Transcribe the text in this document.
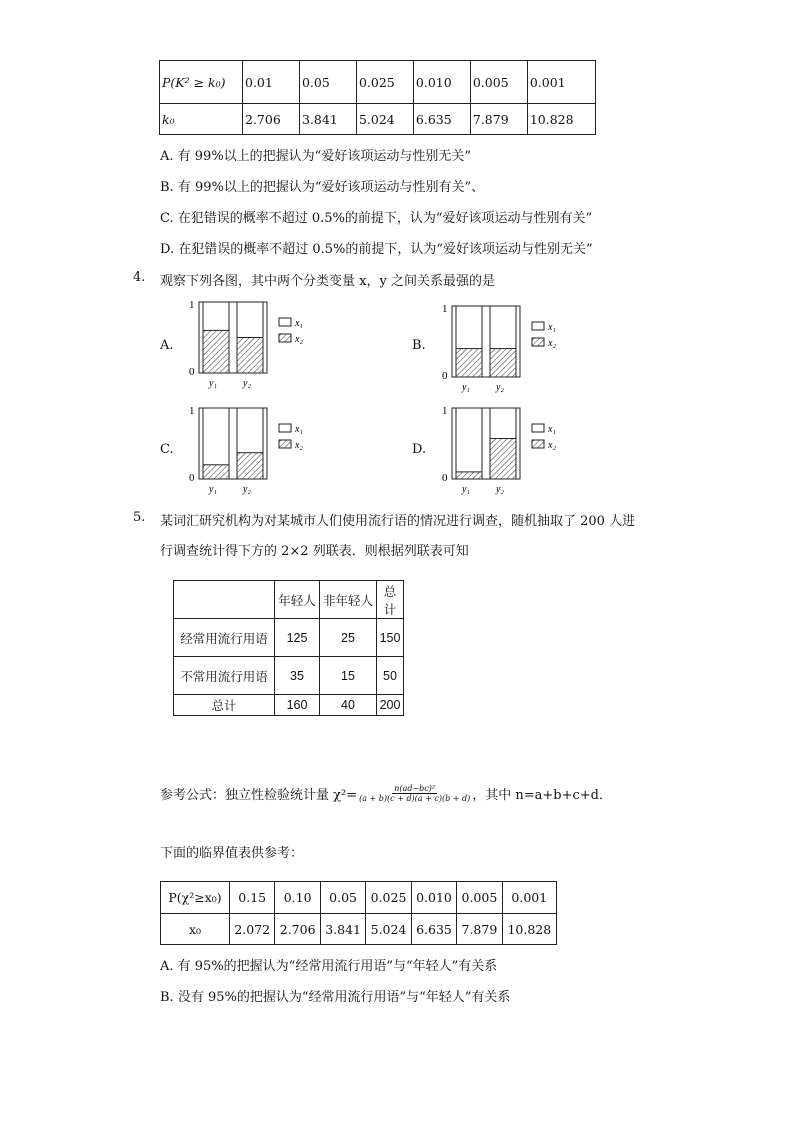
P(K² ≥ k₀)	0.01	0.05	0.025	0.010	0.005	0.001
k₀	2.706	3.841	5.024	6.635	7.879	10.828
A. 有 99%以上的把握认为“爱好该项运动与性别无关”
B. 有 99%以上的把握认为“爱好该项运动与性别有关”、
C. 在犯错误的概率不超过 0.5%的前提下，认为“爱好该项运动与性别有关”
D. 在犯错误的概率不超过 0.5%的前提下，认为“爱好该项运动与性别无关”
4. 观察下列各图，其中两个分类变量 x，y 之间关系最强的是
A.	B.
C.	D.
1
0
y₁	y₂
x₁
x₂
1
0
y₁	y₂
x₁
x₂
1
0
y₁	y₂
x₁
x₂
1
0
y₁	y₂
x₁
x₂
5. 某词汇研究机构为对某城市人们使用流行语的情况进行调查，随机抽取了 200 人进
行调查统计得下方的 2×2 列联表．则根据列联表可知
	年轻人	非年轻人	总计
经常用流行用语	125	25	150
不常用流行用语	35	15	50
总计	160	40	200
参考公式：独立性检验统计量 $\chi^2= \frac{\text{n(ad−bc)²}}{(a + b)(c + d)(a + c)(b + d)}$ ，其中 n=a+b+c+d．
下面的临界值表供参考：
P(χ²≥x₀)	0.15	0.10	0.05	0.025	0.010	0.005	0.001
x₀	2.072	2.706	3.841	5.024	6.635	7.879	10.828
A. 有 95%的把握认为“经常用流行用语”与“年轻人”有关系
B. 没有 95%的把握认为“经常用流行用语”与“年轻人”有关系
